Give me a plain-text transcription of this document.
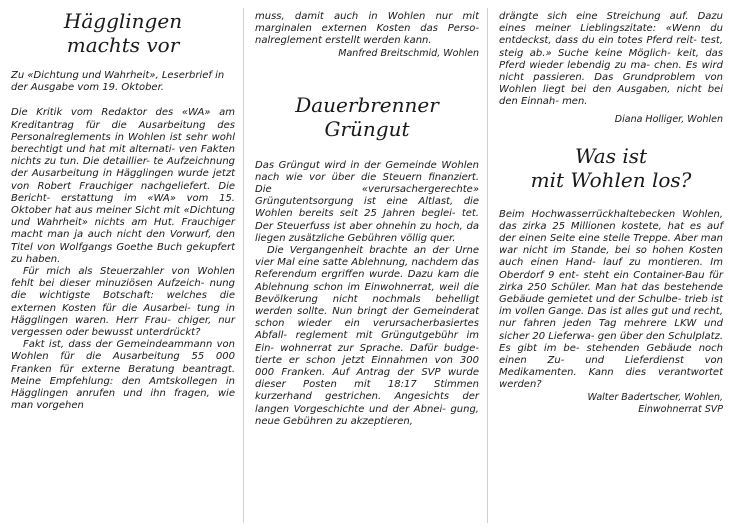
Hägglingen
machts vor
Zu «Dichtung und Wahrheit», Leserbrief in
der Ausgabe vom 19. Oktober.

Die Kritik vom Redaktor des «WA» am Kreditantrag für die Ausarbeitung des Personalreglements in Wohlen ist sehr wohl berechtigt und hat mit alternati- ven Fakten nichts zu tun. Die detaillier- te Aufzeichnung der Ausarbeitung in Hägglingen wurde jetzt von Robert Frauchiger nachgeliefert. Die Bericht- erstattung im «WA» vom 15. Oktober hat aus meiner Sicht mit «Dichtung und Wahrheit» nichts am Hut. Frauchiger macht man ja auch nicht den Vorwurf, den Titel von Wolfgangs Goethe Buch gekupfert zu haben.

Für mich als Steuerzahler von Wohlen fehlt bei dieser minuziösen Aufzeich- nung die wichtigste Botschaft: welches die externen Kosten für die Ausarbei- tung in Hägglingen waren. Herr Frau- chiger, nur vergessen oder bewusst unterdrückt?

Fakt ist, dass der Gemeindeammann von Wohlen für die Ausarbeitung 55 000 Franken für externe Beratung beantragt. Meine Empfehlung: den Amtskollegen in Hägglingen anrufen und ihn fragen, wie man vorgehen

muss, damit auch in Wohlen nur mit marginalen externen Kosten das Perso- nalreglement erstellt werden kann.

Manfred Breitschmid, Wohlen
Dauerbrenner
Grüngut

Das Grüngut wird in der Gemeinde Wohlen nach wie vor über die Steuern finanziert. Die «verursachergerechte» Grüngutentsorgung ist eine Altlast, die Wohlen bereits seit 25 Jahren beglei- tet. Der Steuerfuss ist aber ohnehin zu hoch, da liegen zusätzliche Gebühren völlig quer.

Die Vergangenheit brachte an der Urne vier Mal eine satte Ablehnung, nachdem das Referendum ergriffen wurde. Dazu kam die Ablehnung schon im Einwohnerrat, weil die Bevölkerung nicht nochmals behelligt werden sollte. Nun bringt der Gemeinderat schon wieder ein verursacherbasiertes Abfall- reglement mit Grüngutgebühr im Ein- wohnerrat zur Sprache. Dafür budge- tierte er schon jetzt Einnahmen von 300 000 Franken. Auf Antrag der SVP wurde dieser Posten mit 18:17 Stimmen kurzerhand gestrichen. Angesichts der langen Vorgeschichte und der Abnei- gung, neue Gebühren zu akzeptieren,

drängte sich eine Streichung auf. Dazu eines meiner Lieblingszitate: «Wenn du entdeckst, dass du ein totes Pferd reit- test, steig ab.» Suche keine Möglich- keit, das Pferd wieder lebendig zu ma- chen. Es wird nicht passieren. Das Grundproblem von Wohlen liegt bei den Ausgaben, nicht bei den Einnah- men.

Diana Holliger, Wohlen
Was ist
mit Wohlen los?

Beim Hochwasserrückhaltebecken Wohlen, das zirka 25 Millionen kostete, hat es auf der einen Seite eine steile Treppe. Aber man war nicht im Stande, bei so hohen Kosten auch einen Hand- lauf zu montieren. Im Oberdorf 9 ent- steht ein Container-Bau für zirka 250 Schüler. Man hat das bestehende Gebäude gemietet und der Schulbe- trieb ist im vollen Gange. Das ist alles gut und recht, nur fahren jeden Tag mehrere LKW und sicher 20 Lieferwa- gen über den Schulplatz. Es gibt im be- stehenden Gebäude noch einen Zu- und Lieferdienst von Medikamenten. Kann dies verantwortet werden?

Walter Badertscher, Wohlen,
Einwohnerrat SVP
